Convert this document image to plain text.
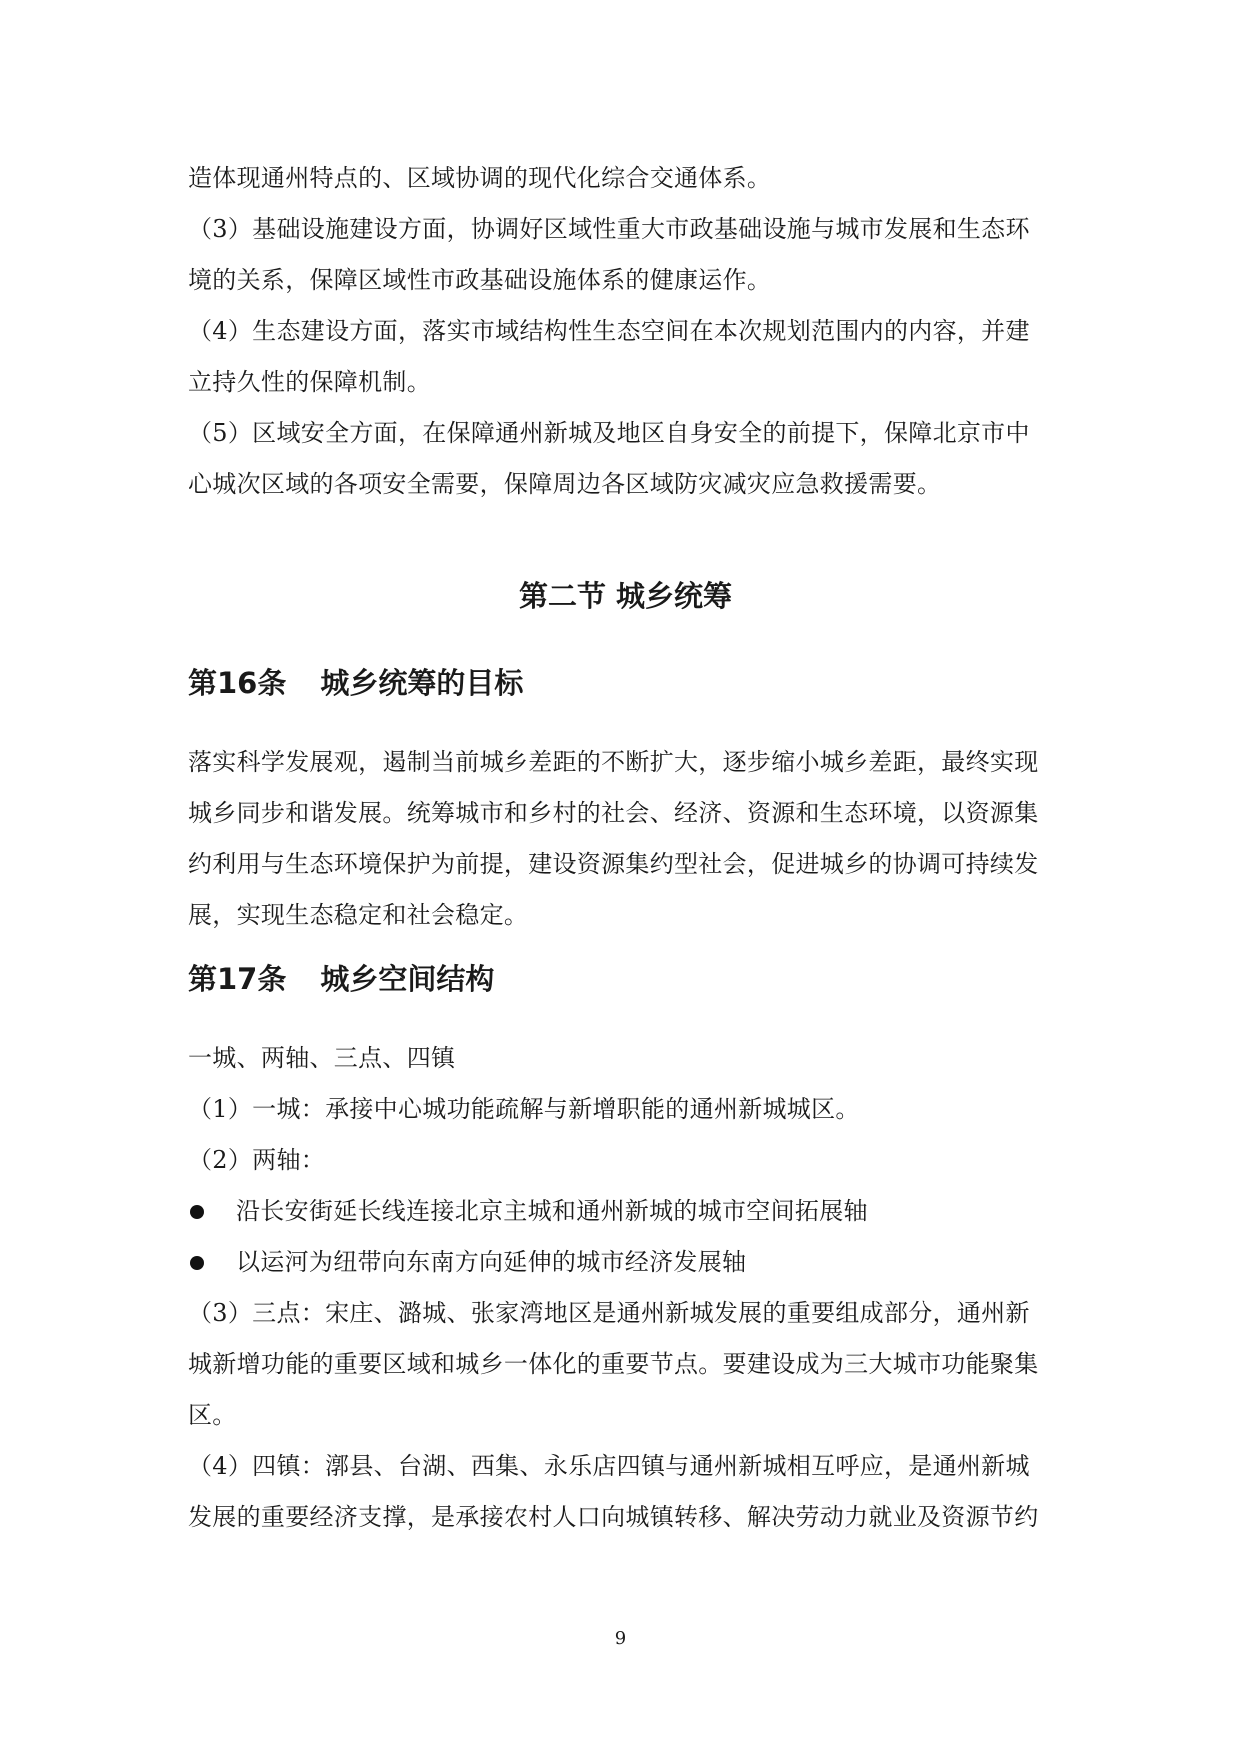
造体现通州特点的、区域协调的现代化综合交通体系。

（3）基础设施建设方面，协调好区域性重大市政基础设施与城市发展和生态环

境的关系，保障区域性市政基础设施体系的健康运作。

（4）生态建设方面，落实市域结构性生态空间在本次规划范围内的内容，并建

立持久性的保障机制。

（5）区域安全方面，在保障通州新城及地区自身安全的前提下，保障北京市中

心城次区域的各项安全需要，保障周边各区域防灾减灾应急救援需要。

第二节 城乡统筹
第16条 城乡统筹的目标

落实科学发展观，遏制当前城乡差距的不断扩大，逐步缩小城乡差距，最终实现

城乡同步和谐发展。统筹城市和乡村的社会、经济、资源和生态环境，以资源集

约利用与生态环境保护为前提，建设资源集约型社会，促进城乡的协调可持续发

展，实现生态稳定和社会稳定。

第17条 城乡空间结构

一城、两轴、三点、四镇

（1）一城：承接中心城功能疏解与新增职能的通州新城城区。

（2）两轴：

沿长安街延长线连接北京主城和通州新城的城市空间拓展轴
以运河为纽带向东南方向延伸的城市经济发展轴

（3）三点：宋庄、潞城、张家湾地区是通州新城发展的重要组成部分，通州新

城新增功能的重要区域和城乡一体化的重要节点。要建设成为三大城市功能聚集

区。

（4）四镇：漷县、台湖、西集、永乐店四镇与通州新城相互呼应，是通州新城

发展的重要经济支撑，是承接农村人口向城镇转移、解决劳动力就业及资源节约

9
